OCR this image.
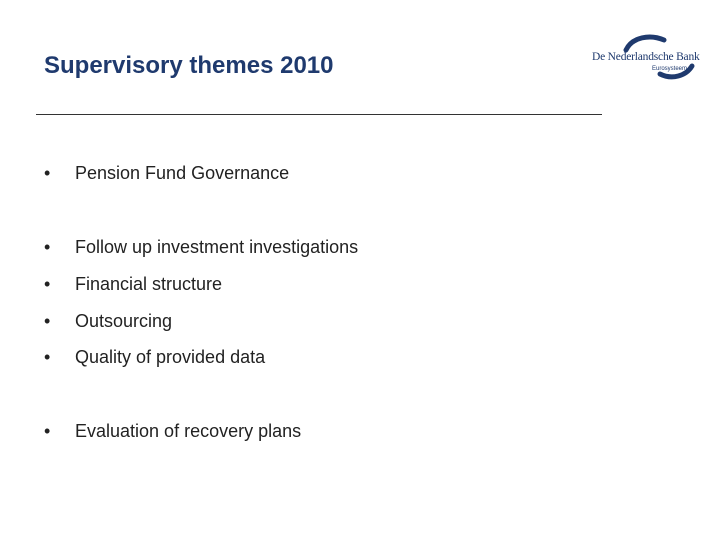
Supervisory themes 2010	De Nederlandsche Bank
Eurosysteem
• Pension Fund Governance
• Follow up investment investigations
• Financial structure
• Outsourcing
• Quality of provided data
• Evaluation of recovery plans
